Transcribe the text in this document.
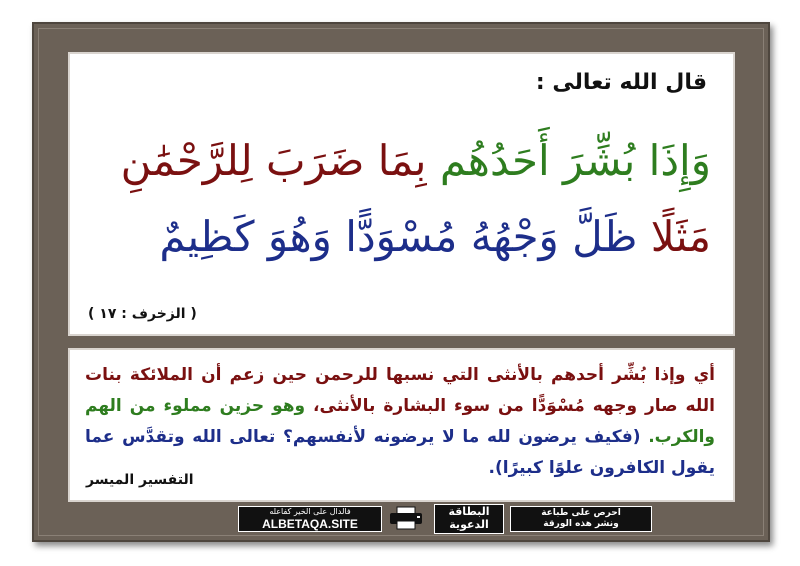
قال الله تعالى :
وَإِذَا بُشِّرَ أَحَدُهُم بِمَا ضَرَبَ لِلرَّحْمَٰنِ
مَثَلًا ظَلَّ وَجْهُهُ مُسْوَدًّا وَهُوَ كَظِيمٌ
( الزخرف : ١٧ )
أي وإذا بُشِّر أحدهم بالأنثى التي نسبها للرحمن حين زعم أن الملائكة بنات الله صار وجهه مُسْوَدًّا من سوء البشارة بالأنثى، وهو حزين مملوء من الهم والكرب. (فكيف يرضون لله ما لا يرضونه لأنفسهم؟ تعالى الله وتقدَّس عما يقول الكافرون علوًا كبيرًا).
التفسير الميسر
فالدال على الخير كفاعله
ALBETAQA.SITE
البطاقة
الدعوية
احرص على طباعة
ونشر هذه الورقة
